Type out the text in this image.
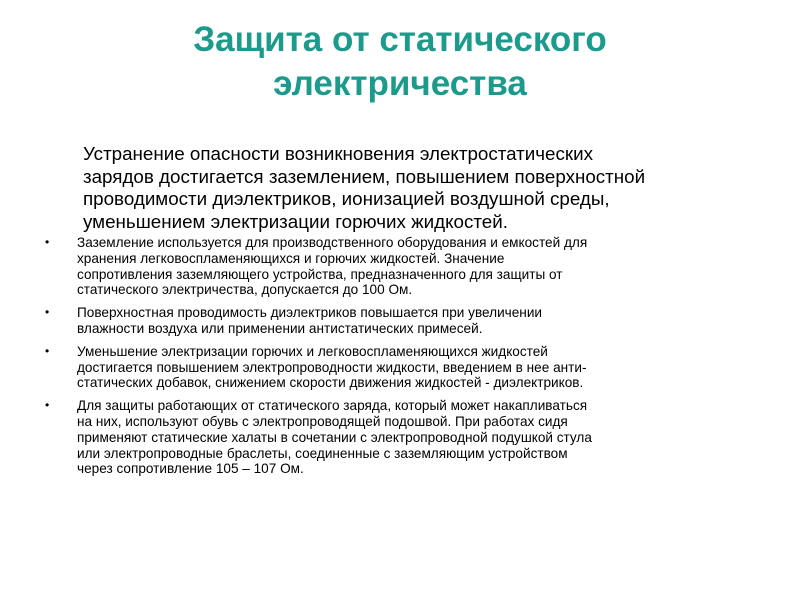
Защита от статического
электричества

Устранение опасности возникновения электростатических
зарядов достигается заземлением, повышением поверхностной
проводимости диэлектриков, ионизацией воздушной среды,
уменьшением электризации горючих жидкостей.

• Заземление используется для производственного оборудования и емкостей для
хранения легковоспламеняющихся и горючих жидкостей. Значение
сопротивления заземляющего устройства, предназначенного для защиты от
статического электричества, допускается до 100 Ом.
• Поверхностная проводимость диэлектриков повышается при увеличении
влажности воздуха или применении антистатических примесей.
• Уменьшение электризации горючих и легковоспламеняющихся жидкостей
достигается повышением электропроводности жидкости, введением в нее анти-
статических добавок, снижением скорости движения жидкостей - диэлектриков.
• Для защиты работающих от статического заряда, который может накапливаться
на них, используют обувь с электропроводящей подошвой. При работах сидя
применяют статические халаты в сочетании с электропроводной подушкой стула
или электропроводные браслеты, соединенные с заземляющим устройством
через сопротивление 105 – 107 Ом.
